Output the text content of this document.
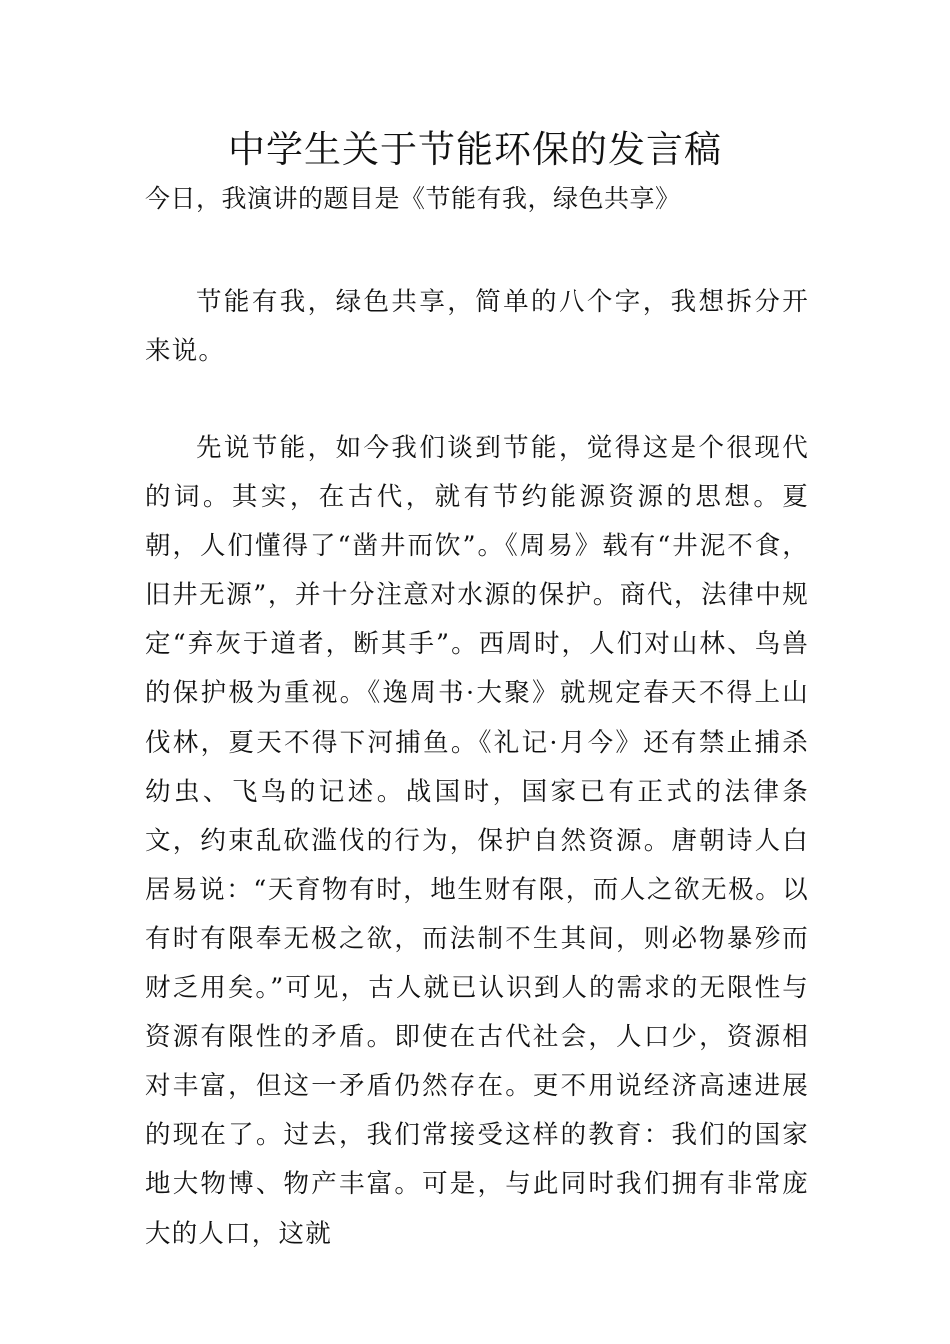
中学生关于节能环保的发言稿
今日，我演讲的题目是《节能有我，绿色共享》
节能有我，绿色共享，简单的八个字，我想拆分开来说。
先说节能，如今我们谈到节能，觉得这是个很现代的词。其实，在古代，就有节约能源资源的思想。夏朝，人们懂得了“凿井而饮”。《周易》载有“井泥不食，旧井无源”，并十分注意对水源的保护。商代，法律中规定“弃灰于道者，断其手”。西周时，人们对山林、鸟兽的保护极为重视。《逸周书·大聚》就规定春天不得上山伐林，夏天不得下河捕鱼。《礼记·月今》还有禁止捕杀幼虫、飞鸟的记述。战国时，国家已有正式的法律条文，约束乱砍滥伐的行为，保护自然资源。唐朝诗人白居易说：“天育物有时，地生财有限，而人之欲无极。以有时有限奉无极之欲，而法制不生其间，则必物暴殄而财乏用矣。”可见，古人就已认识到人的需求的无限性与资源有限性的矛盾。即使在古代社会，人口少，资源相对丰富，但这一矛盾仍然存在。更不用说经济高速进展的现在了。过去，我们常接受这样的教育：我们的国家地大物博、物产丰富。可是，与此同时我们拥有非常庞大的人口，这就
